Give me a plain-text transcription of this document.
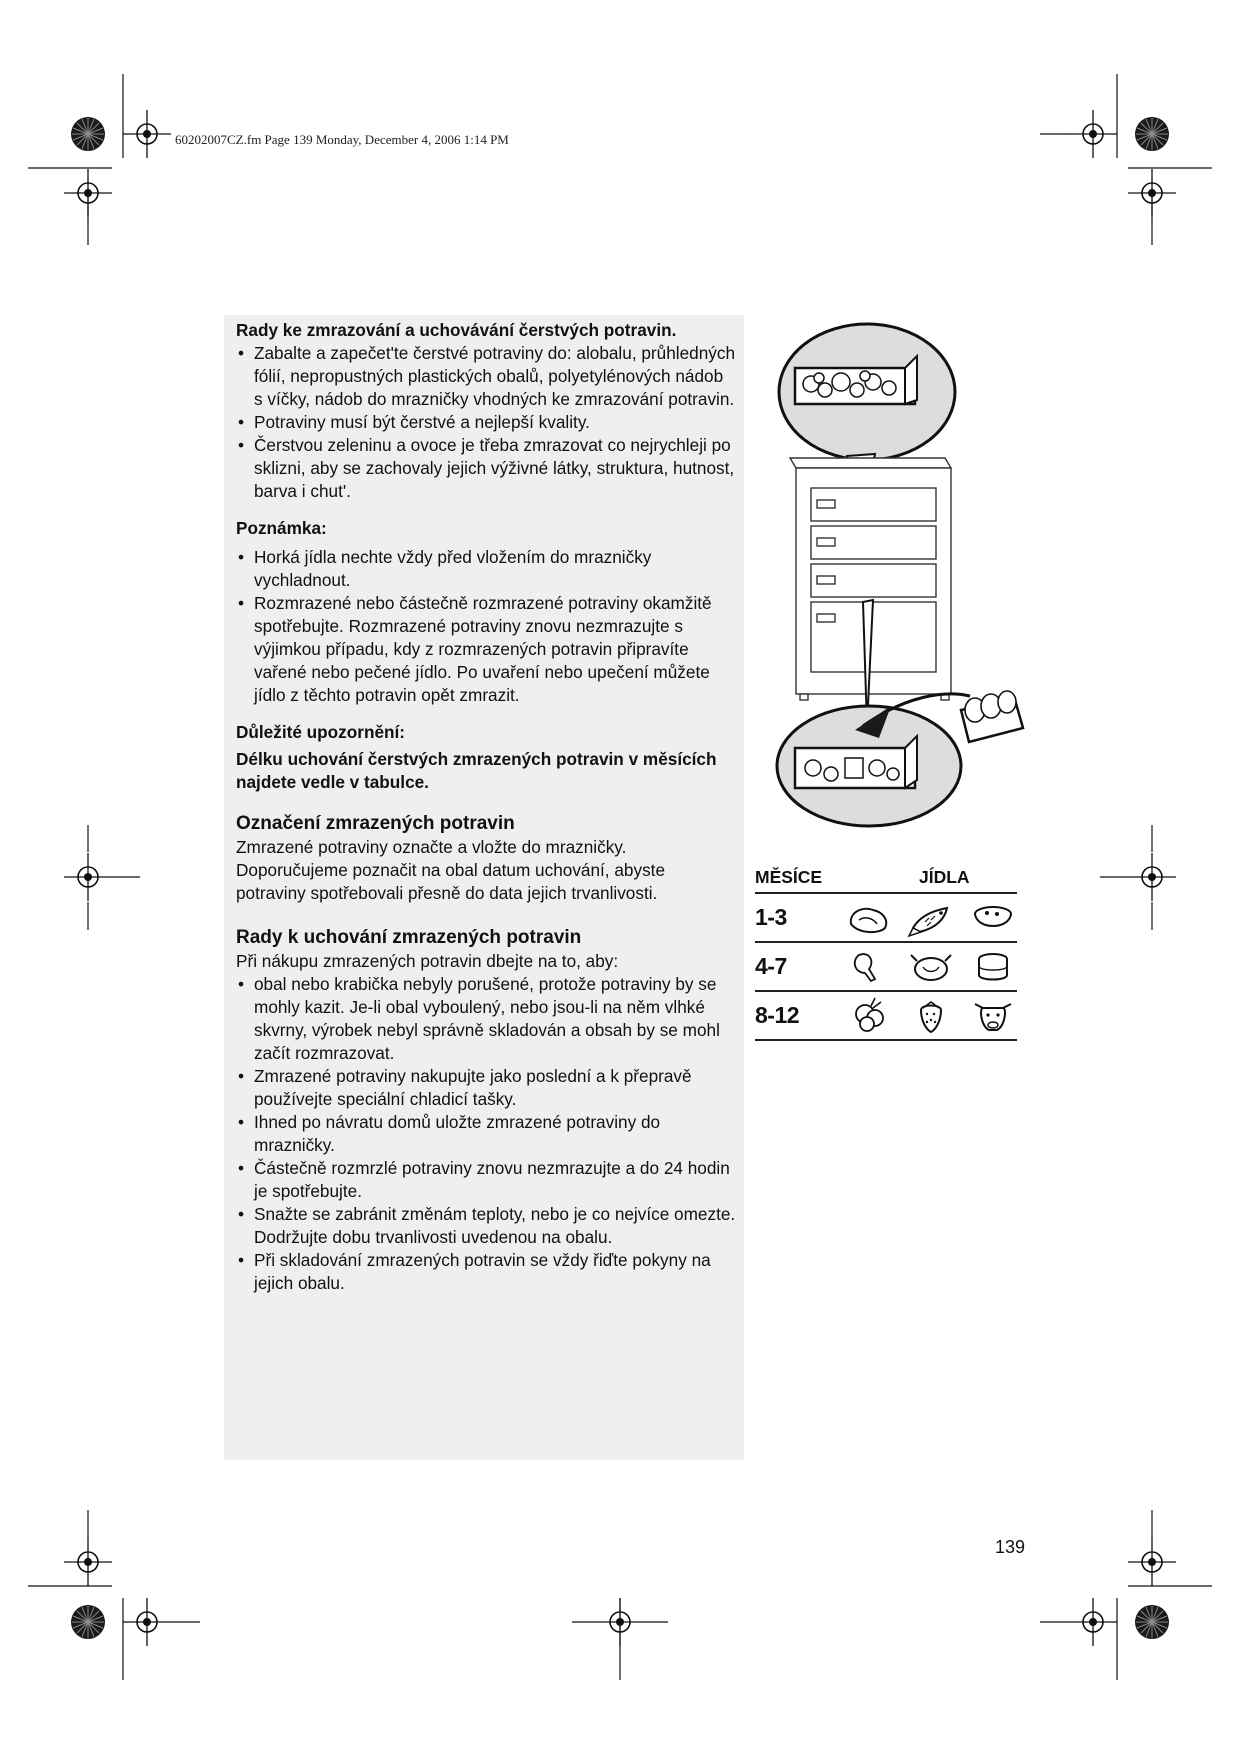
60202007CZ.fm Page 139 Monday, December 4, 2006 1:14 PM

Rady ke zmrazování a uchovávání čerstvých potravin.

• Zabalte a zapečet'te čerstvé potraviny do: alobalu, průhledných fólií, nepropustných plastických obalů, polyetylénových nádob s víčky, nádob do mrazničky vhodných ke zmrazování potravin.
• Potraviny musí být čerstvé a nejlepší kvality.
• Čerstvou zeleninu a ovoce je třeba zmrazovat co nejrychleji po sklizni, aby se zachovaly jejich výživné látky, struktura, hutnost, barva i chut'.

Poznámka:

• Horká jídla nechte vždy před vložením do mrazničky vychladnout.
• Rozmrazené nebo částečně rozmrazené potraviny okamžitě spotřebujte. Rozmrazené potraviny znovu nezmrazujte s výjimkou případu, kdy z rozmrazených potravin připravíte vařené nebo pečené jídlo. Po uvaření nebo upečení můžete jídlo z těchto potravin opět zmrazit.

Důležité upozornění:

Délku uchování čerstvých zmrazených potravin v měsících najdete vedle v tabulce.

Označení zmrazených potravin

Zmrazené potraviny označte a vložte do mrazničky.

Doporučujeme poznačit na obal datum uchování, abyste potraviny spotřebovali přesně do data jejich trvanlivosti.

Rady k uchování zmrazených potravin

Při nákupu zmrazených potravin dbejte na to, aby:

• obal nebo krabička nebyly porušené, protože potraviny by se mohly kazit. Je-li obal vyboulený, nebo jsou-li na něm vlhké skvrny, výrobek nebyl správně skladován a obsah by se mohl začít rozmrazovat.
• Zmrazené potraviny nakupujte jako poslední a k přepravě používejte speciální chladicí tašky.
• Ihned po návratu domů uložte zmrazené potraviny do mrazničky.
• Částečně rozmrzlé potraviny znovu nezmrazujte a do 24 hodin je spotřebujte.
• Snažte se zabránit změnám teploty, nebo je co nejvíce omezte. Dodržujte dobu trvanlivosti uvedenou na obalu.
• Při skladování zmrazených potravin se vždy řiďte pokyny na jejich obalu.
MĚSÍCE	JÍDLA
1-3
4-7
8-12
139
